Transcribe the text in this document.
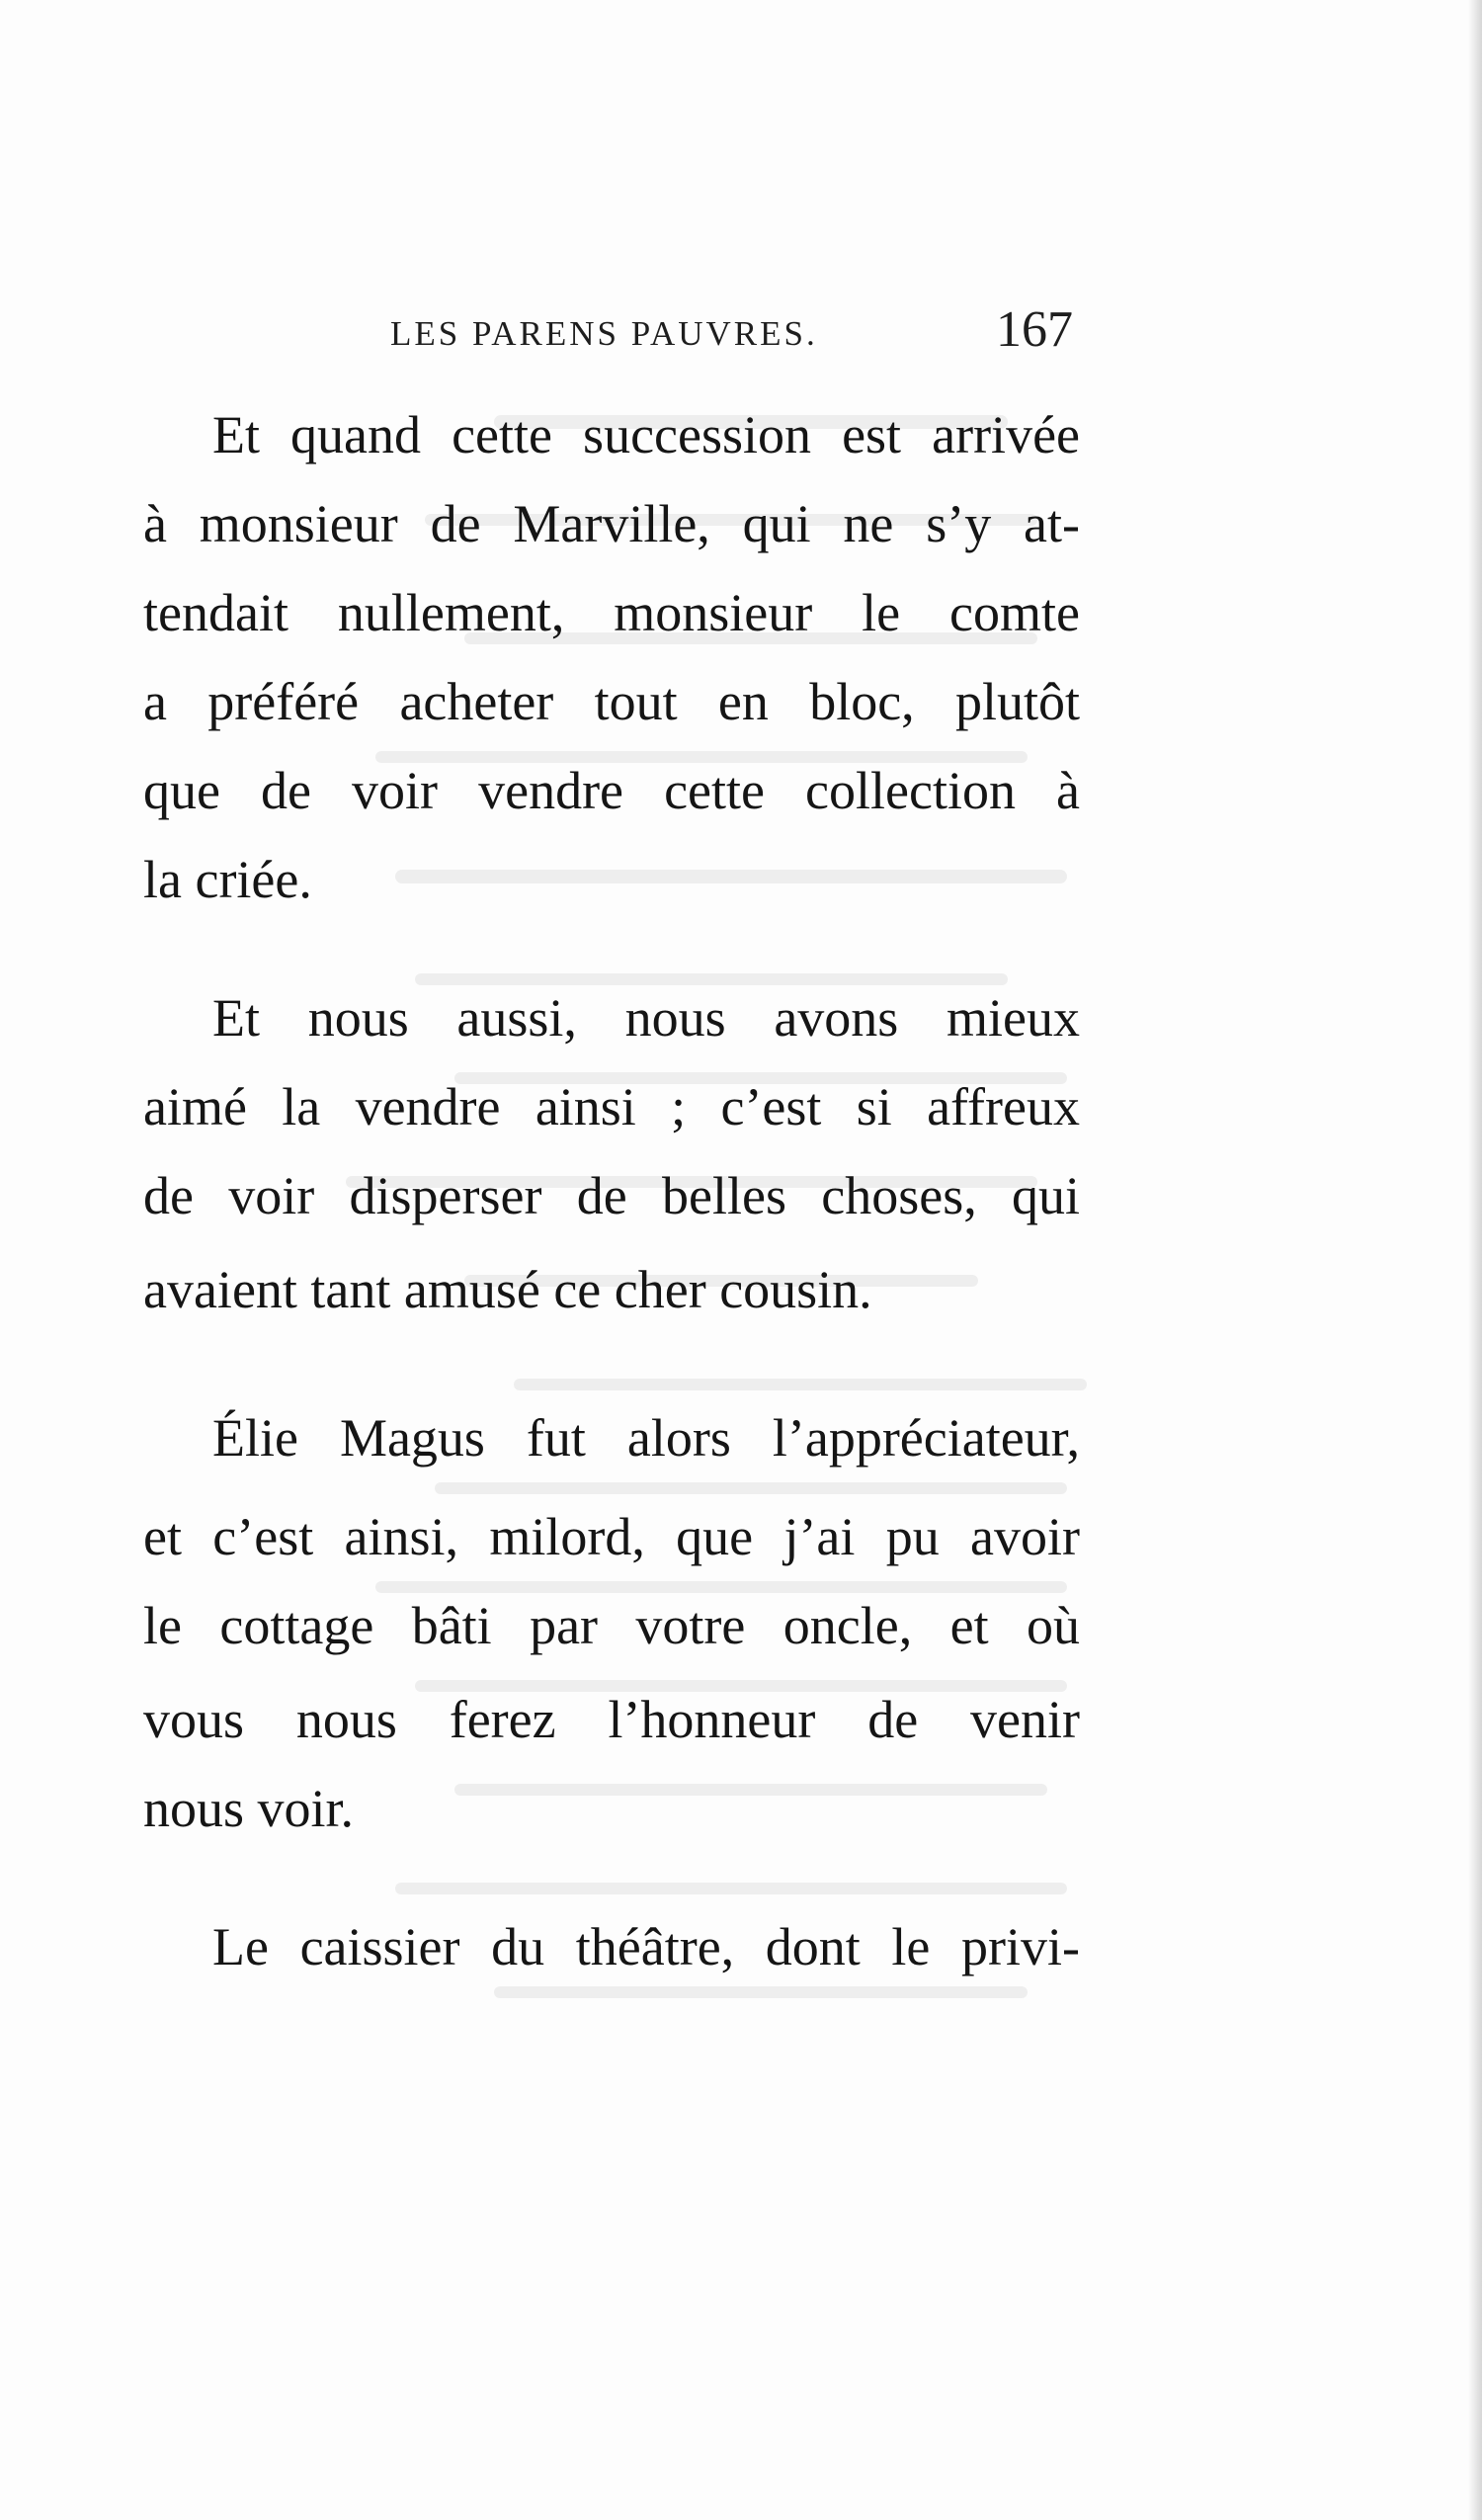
LES PARENS PAUVRES.	167
Et quand cette succession est arrivée
à monsieur de Marville, qui ne s’y at-
tendait nullement, monsieur le comte
a préféré acheter tout en bloc, plutôt
que de voir vendre cette collection à
la criée.
Et nous aussi, nous avons mieux
aimé la vendre ainsi ; c’est si affreux
de voir disperser de belles choses, qui
avaient tant amusé ce cher cousin.
Élie Magus fut alors l’appréciateur,
et c’est ainsi, milord, que j’ai pu avoir
le cottage bâti par votre oncle, et où
vous nous ferez l’honneur de venir
nous voir.
Le caissier du théâtre, dont le privi-
